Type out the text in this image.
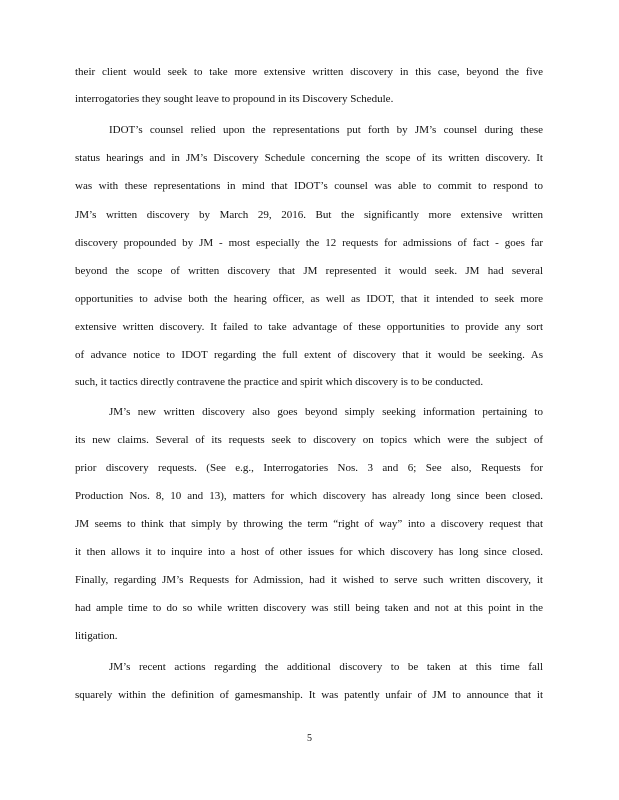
their client would seek to take more extensive written discovery in this case, beyond the five
interrogatories they sought leave to propound in its Discovery Schedule.
IDOT’s counsel relied upon the representations put forth by JM’s counsel during these
status hearings and in JM’s Discovery Schedule concerning the scope of its written discovery. It
was with these representations in mind that IDOT’s counsel was able to commit to respond to
JM’s written discovery by March 29, 2016. But the significantly more extensive written
discovery propounded by JM - most especially the 12 requests for admissions of fact - goes far
beyond the scope of written discovery that JM represented it would seek. JM had several
opportunities to advise both the hearing officer, as well as IDOT, that it intended to seek more
extensive written discovery. It failed to take advantage of these opportunities to provide any sort
of advance notice to IDOT regarding the full extent of discovery that it would be seeking. As
such, it tactics directly contravene the practice and spirit which discovery is to be conducted.
JM’s new written discovery also goes beyond simply seeking information pertaining to
its new claims. Several of its requests seek to discovery on topics which were the subject of
prior discovery requests. (See e.g., Interrogatories Nos. 3 and 6; See also, Requests for
Production Nos. 8, 10 and 13), matters for which discovery has already long since been closed.
JM seems to think that simply by throwing the term “right of way” into a discovery request that
it then allows it to inquire into a host of other issues for which discovery has long since closed.
Finally, regarding JM’s Requests for Admission, had it wished to serve such written discovery, it
had ample time to do so while written discovery was still being taken and not at this point in the
litigation.
JM’s recent actions regarding the additional discovery to be taken at this time fall
squarely within the definition of gamesmanship. It was patently unfair of JM to announce that it
5
